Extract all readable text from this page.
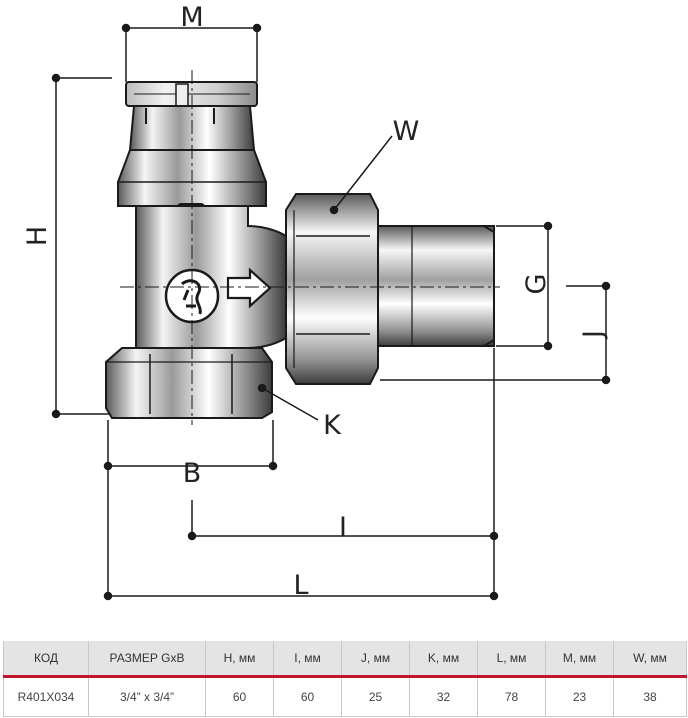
M
H
W
G
J
K
B
I
L
КОД	РАЗМЕР GxB	H, мм	I, мм	J, мм	K, мм	L, мм	M, мм	W, мм
R401X034	3/4” x 3/4”	60	60	25	32	78	23	38
